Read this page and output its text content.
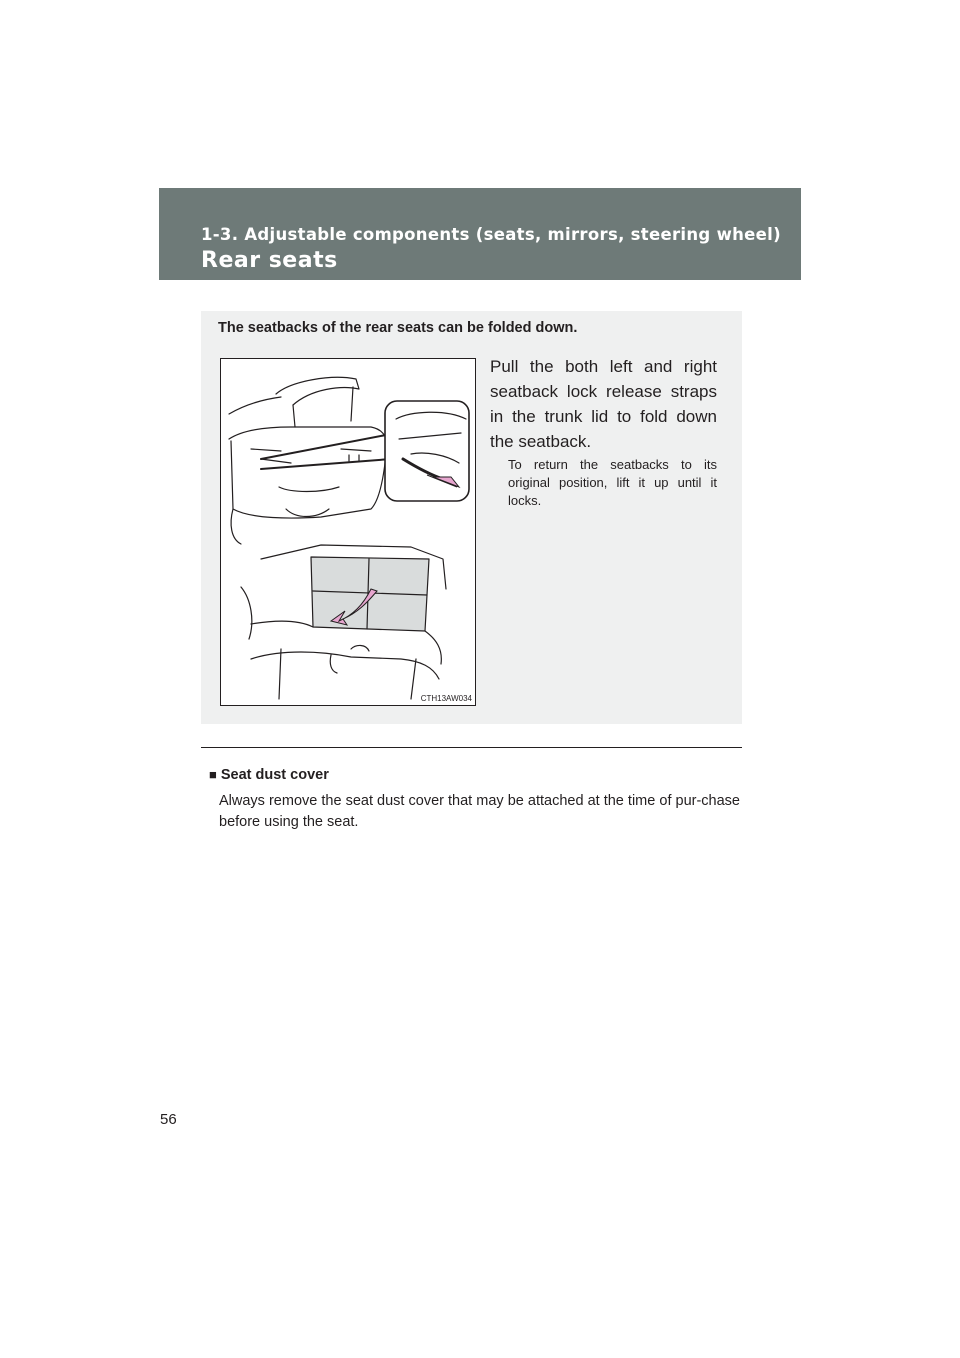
1-3. Adjustable components (seats, mirrors, steering wheel)
Rear seats
The seatbacks of the rear seats can be folded down.
CTH13AW034
Pull the both left and right seatback lock release straps in the trunk lid to fold down the seatback.
To return the seatbacks to its original position, lift it up until it locks.
■ Seat dust cover
Always remove the seat dust cover that may be attached at the time of pur-chase before using the seat.
56
